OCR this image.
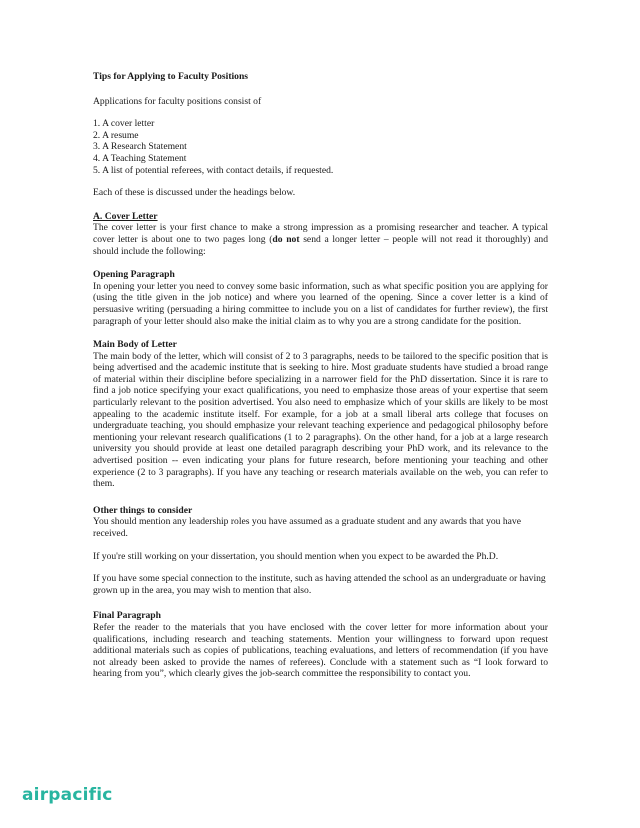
Tips for Applying to Faculty Positions

Applications for faculty positions consist of

1. A cover letter
2. A resume
3. A Research Statement
4. A Teaching Statement
5. A list of potential referees, with contact details, if requested.

Each of these is discussed under the headings below.

A. Cover Letter

The cover letter is your first chance to make a strong impression as a promising researcher and teacher. A typical cover letter is about one to two pages long (do not send a longer letter – people will not read it thoroughly) and should include the following:

Opening Paragraph

In opening your letter you need to convey some basic information, such as what specific position you are applying for (using the title given in the job notice) and where you learned of the opening. Since a cover letter is a kind of persuasive writing (persuading a hiring committee to include you on a list of candidates for further review), the first paragraph of your letter should also make the initial claim as to why you are a strong candidate for the position.

Main Body of Letter

The main body of the letter, which will consist of 2 to 3 paragraphs, needs to be tailored to the specific position that is being advertised and the academic institute that is seeking to hire. Most graduate students have studied a broad range of material within their discipline before specializing in a narrower field for the PhD dissertation. Since it is rare to find a job notice specifying your exact qualifications, you need to emphasize those areas of your expertise that seem particularly relevant to the position advertised. You also need to emphasize which of your skills are likely to be most appealing to the academic institute itself. For example, for a job at a small liberal arts college that focuses on undergraduate teaching, you should emphasize your relevant teaching experience and pedagogical philosophy before mentioning your relevant research qualifications (1 to 2 paragraphs). On the other hand, for a job at a large research university you should provide at least one detailed paragraph describing your PhD work, and its relevance to the advertised position -- even indicating your plans for future research, before mentioning your teaching and other experience (2 to 3 paragraphs). If you have any teaching or research materials available on the web, you can refer to them.

Other things to consider

You should mention any leadership roles you have assumed as a graduate student and any awards that you have received.

If you're still working on your dissertation, you should mention when you expect to be awarded the Ph.D.

If you have some special connection to the institute, such as having attended the school as an undergraduate or having grown up in the area, you may wish to mention that also.

Final Paragraph

Refer the reader to the materials that you have enclosed with the cover letter for more information about your qualifications, including research and teaching statements. Mention your willingness to forward upon request additional materials such as copies of publications, teaching evaluations, and letters of recommendation (if you have not already been asked to provide the names of referees). Conclude with a statement such as “I look forward to hearing from you”, which clearly gives the job-search committee the responsibility to contact you.

airpacific
